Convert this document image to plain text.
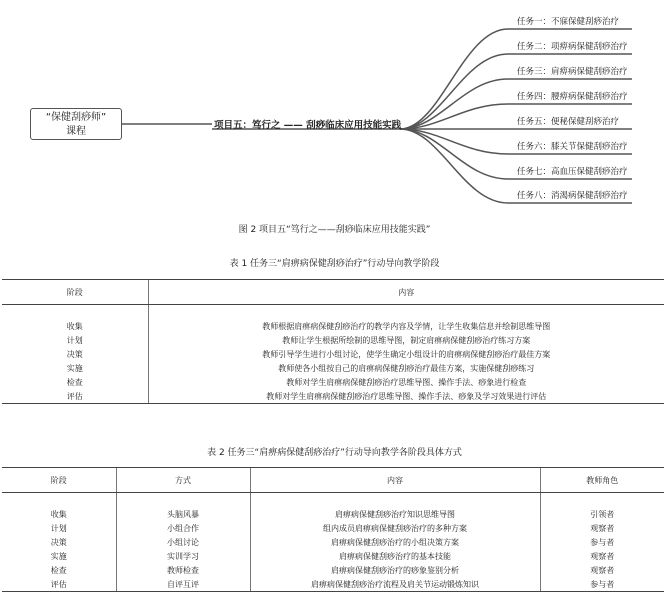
“保健刮痧师”
课程
项目五：笃行之 —— 刮痧临床应用技能实践
任务一：不寐保健刮痧治疗
任务二：项痹病保健刮痧治疗
任务三：肩痹病保健刮痧治疗
任务四：腰痹病保健刮痧治疗
任务五：便秘保健刮痧治疗
任务六：膝关节保健刮痧治疗
任务七：高血压保健刮痧治疗
任务八：消渴病保健刮痧治疗
图 2 项目五“笃行之——刮痧临床应用技能实践”
表 1 任务三“肩痹病保健刮痧治疗”行动导向教学阶段
阶段	内容

收集	教师根据肩痹病保健刮痧治疗的教学内容及学情，让学生收集信息并绘制思维导图
计划	教师让学生根据所绘制的思维导图，制定肩痹病保健刮痧治疗练习方案
决策	教师引导学生进行小组讨论，使学生确定小组设计的肩痹病保健刮痧治疗最佳方案
实施	教师使各小组按自己的肩痹病保健刮痧治疗最佳方案，实施保健刮痧练习
检查	教师对学生肩痹病保健刮痧治疗思维导图、操作手法、痧象进行检查
评估	教师对学生肩痹病保健刮痧治疗思维导图、操作手法、痧象及学习效果进行评估
表 2 任务三“肩痹病保健刮痧治疗”行动导向教学各阶段具体方式
阶段	方式	内容	教师角色

收集	头脑风暴	肩痹病保健刮痧治疗知识思维导图	引领者
计划	小组合作	组内成员肩痹病保健刮痧治疗的多种方案	观察者
决策	小组讨论	肩痹病保健刮痧治疗的小组决策方案	参与者
实施	实训学习	肩痹病保健刮痧治疗的基本技能	观察者
检查	教师检查	肩痹病保健刮痧治疗的痧象鉴别分析	观察者
评估	自评互评	肩痹病保健刮痧治疗流程及肩关节运动锻炼知识	参与者
